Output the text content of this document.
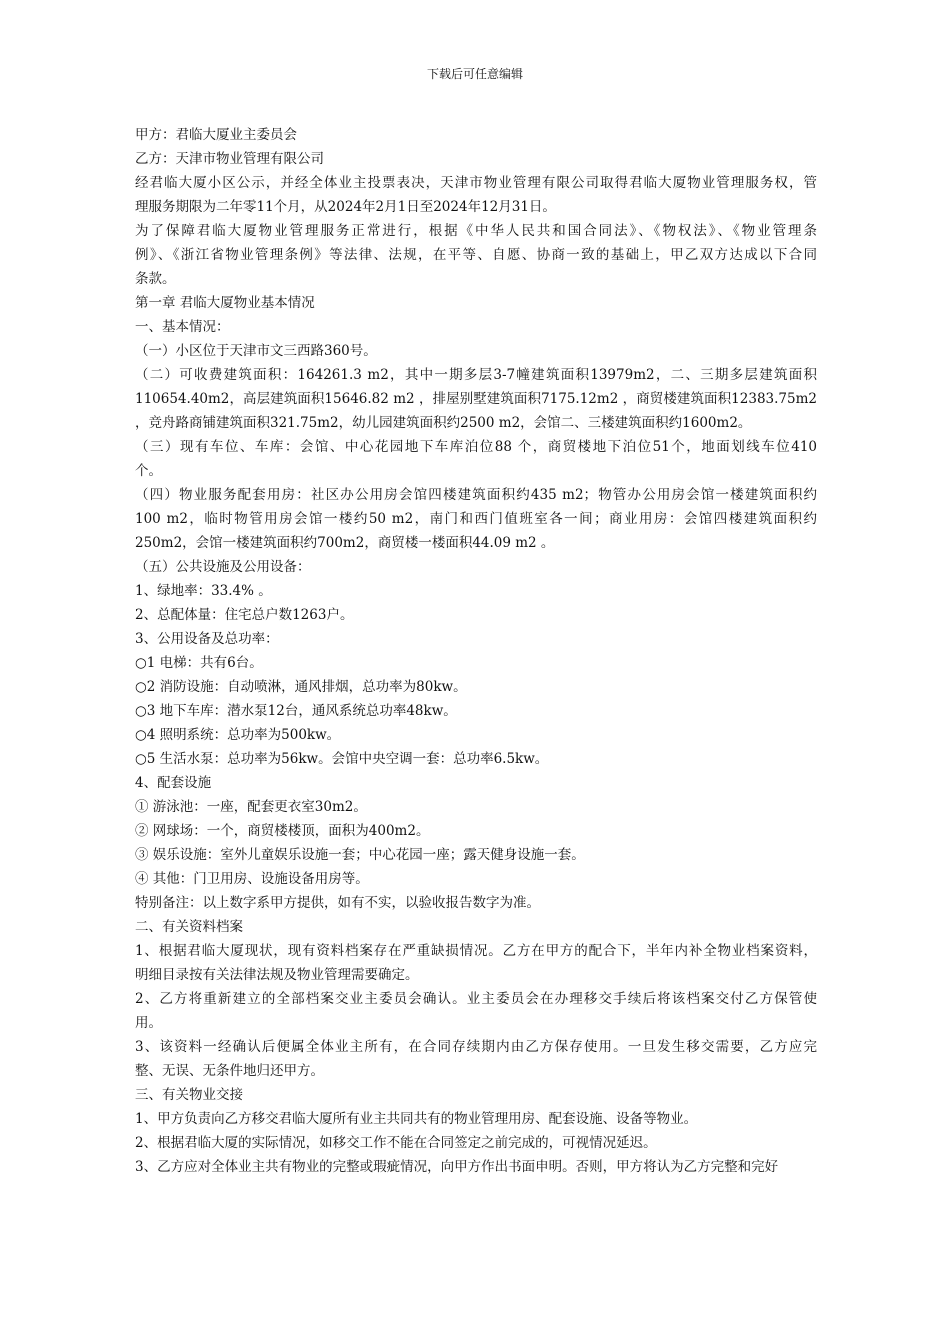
下载后可任意编辑

甲方：君临大厦业主委员会

乙方：天津市物业管理有限公司

经君临大厦小区公示，并经全体业主投票表决，天津市物业管理有限公司取得君临大厦物业管理服务权，管
理服务期限为二年零11个月，从2024年2月1日至2024年12月31日。

为了保障君临大厦物业管理服务正常进行，根据《中华人民共和国合同法》、《物权法》、《物业管理条
例》、《浙江省物业管理条例》等法律、法规，在平等、自愿、协商一致的基础上，甲乙双方达成以下合同
条款。

第一章 君临大厦物业基本情况

一、基本情况：

（一）小区位于天津市文三西路360号。

（二）可收费建筑面积：164261.3 m2，其中一期多层3-7幢建筑面积13979m2，二、三期多层建筑面积
110654.40m2，高层建筑面积15646.82 m2 ，排屋别墅建筑面积7175.12m2 ，商贸楼建筑面积12383.75m2
，竞舟路商铺建筑面积321.75m2，幼儿园建筑面积约2500 m2，会馆二、三楼建筑面积约1600m2。

（三）现有车位、车库：会馆、中心花园地下车库泊位88 个，商贸楼地下泊位51个，地面划线车位410
个。

（四）物业服务配套用房：社区办公用房会馆四楼建筑面积约435 m2；物管办公用房会馆一楼建筑面积约
100 m2，临时物管用房会馆一楼约50 m2，南门和西门值班室各一间；商业用房：会馆四楼建筑面积约
250m2，会馆一楼建筑面积约700m2，商贸楼一楼面积44.09 m2 。

（五）公共设施及公用设备：

1、绿地率：33.4% 。

2、总配体量：住宅总户数1263户。

3、公用设备及总功率：

○1 电梯：共有6台。

○2 消防设施：自动喷淋，通风排烟，总功率为80kw。

○3 地下车库：潜水泵12台，通风系统总功率48kw。

○4 照明系统：总功率为500kw。

○5 生活水泵：总功率为56kw。会馆中央空调一套：总功率6.5kw。

4、配套设施

① 游泳池：一座，配套更衣室30m2。

② 网球场：一个，商贸楼楼顶，面积为400m2。

③ 娱乐设施：室外儿童娱乐设施一套；中心花园一座；露天健身设施一套。

④ 其他：门卫用房、设施设备用房等。

特别备注：以上数字系甲方提供，如有不实，以验收报告数字为准。

二、有关资料档案

1、根据君临大厦现状，现有资料档案存在严重缺损情况。乙方在甲方的配合下，半年内补全物业档案资料，
明细目录按有关法律法规及物业管理需要确定。

2、乙方将重新建立的全部档案交业主委员会确认。业主委员会在办理移交手续后将该档案交付乙方保管使
用。

3、该资料一经确认后便属全体业主所有，在合同存续期内由乙方保存使用。一旦发生移交需要，乙方应完
整、无误、无条件地归还甲方。

三、有关物业交接

1、甲方负责向乙方移交君临大厦所有业主共同共有的物业管理用房、配套设施、设备等物业。

2、根据君临大厦的实际情况，如移交工作不能在合同签定之前完成的，可视情况延迟。

3、乙方应对全体业主共有物业的完整或瑕疵情况，向甲方作出书面申明。否则，甲方将认为乙方完整和完好
